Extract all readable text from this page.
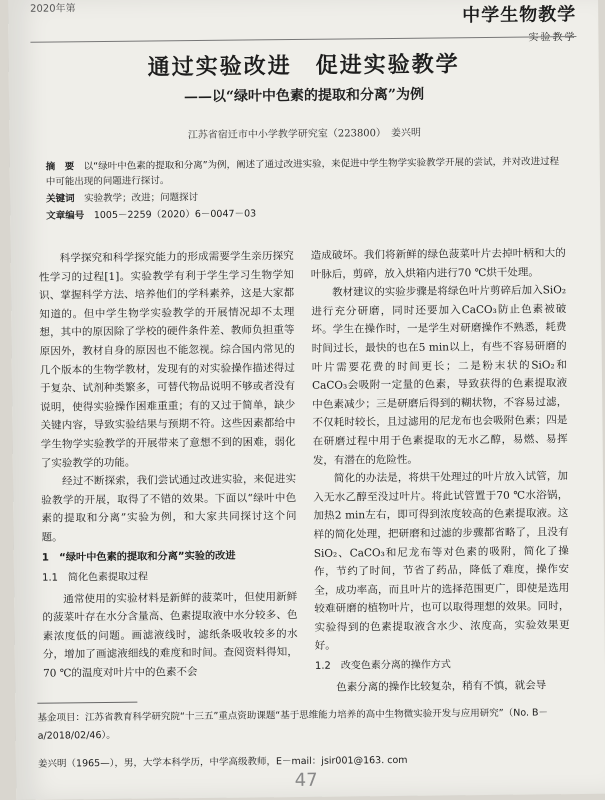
2020年第	中学生物教学
实验教学
通过实验改进　促进实验教学
——以“绿叶中色素的提取和分离”为例
江苏省宿迁市中小学教学研究室（223800）　姜兴明
摘　要　 以“绿叶中色素的提取和分离”为例，阐述了通过改进实验，来促进中学生物学实验教学开展的尝试，并对改进过程中可能出现的问题进行探讨。
关键词　 实验教学；改进；问题探讨
文章编号　 1005－2259（2020）6－0047－03

科学探究和科学探究能力的形成需要学生亲历探究性学习的过程[1]。实验教学有利于学生学习生物学知识、掌握科学方法、培养他们的学科素养，这是大家都知道的。但中学生物学实验教学的开展情况却不太理想，其中的原因除了学校的硬件条件差、教师负担重等原因外，教材自身的原因也不能忽视。综合国内常见的几个版本的生物学教材，发现有的对实验操作描述得过于复杂、试剂种类繁多，可替代物品说明不够或者没有说明，使得实验操作困难重重；有的又过于简单，缺少关键内容，导致实验结果与预期不符。这些因素都给中学生物学实验教学的开展带来了意想不到的困难，弱化了实验教学的功能。

经过不断探索，我们尝试通过改进实验，来促进实验教学的开展，取得了不错的效果。下面以“绿叶中色素的提取和分离”实验为例，和大家共同探讨这个问题。

1　“绿叶中色素的提取和分离”实验的改进
1.1　简化色素提取过程

通常使用的实验材料是新鲜的菠菜叶，但使用新鲜的菠菜叶存在水分含量高、色素提取液中水分较多、色素浓度低的问题。画滤液线时，滤纸条吸收较多的水分，增加了画滤液细线的难度和时间。查阅资料得知，70 ℃的温度对叶片中的色素不会

造成破坏。我们将新鲜的绿色菠菜叶片去掉叶柄和大的叶脉后，剪碎，放入烘箱内进行70 ℃烘干处理。

教材建议的实验步骤是将绿色叶片剪碎后加入SiO₂进行充分研磨，同时还要加入CaCO₃防止色素被破坏。学生在操作时，一是学生对研磨操作不熟悉，耗费时间过长，最快的也在5 min以上，有些不容易研磨的叶片需要花费的时间更长；二是粉末状的SiO₂和CaCO₃会吸附一定量的色素，导致获得的色素提取液中色素减少；三是研磨后得到的糊状物，不容易过滤，不仅耗时较长，且过滤用的尼龙布也会吸附色素；四是在研磨过程中用于色素提取的无水乙醇，易燃、易挥发，有潜在的危险性。

简化的办法是，将烘干处理过的叶片放入试管，加入无水乙醇至没过叶片。将此试管置于70 ℃水浴锅，加热2 min左右，即可得到浓度较高的色素提取液。这样的简化处理，把研磨和过滤的步骤都省略了，且没有SiO₂、CaCO₃和尼龙布等对色素的吸附，简化了操作，节约了时间，节省了药品，降低了难度，操作安全，成功率高，而且叶片的选择范围更广，即使是选用较难研磨的植物叶片，也可以取得理想的效果。同时，实验得到的色素提取液含水少、浓度高，实验效果更好。

1.2　改变色素分离的操作方式

色素分离的操作比较复杂，稍有不慎，就会导

基金项目：江苏省教育科学研究院“十三五”重点资助课题“基于思维能力培养的高中生物微实验开发与应用研究”（No. B－a/2018/02/46）。
姜兴明（1965—），男，大学本科学历，中学高级教师，E－mail：jsir001@163. com
47
